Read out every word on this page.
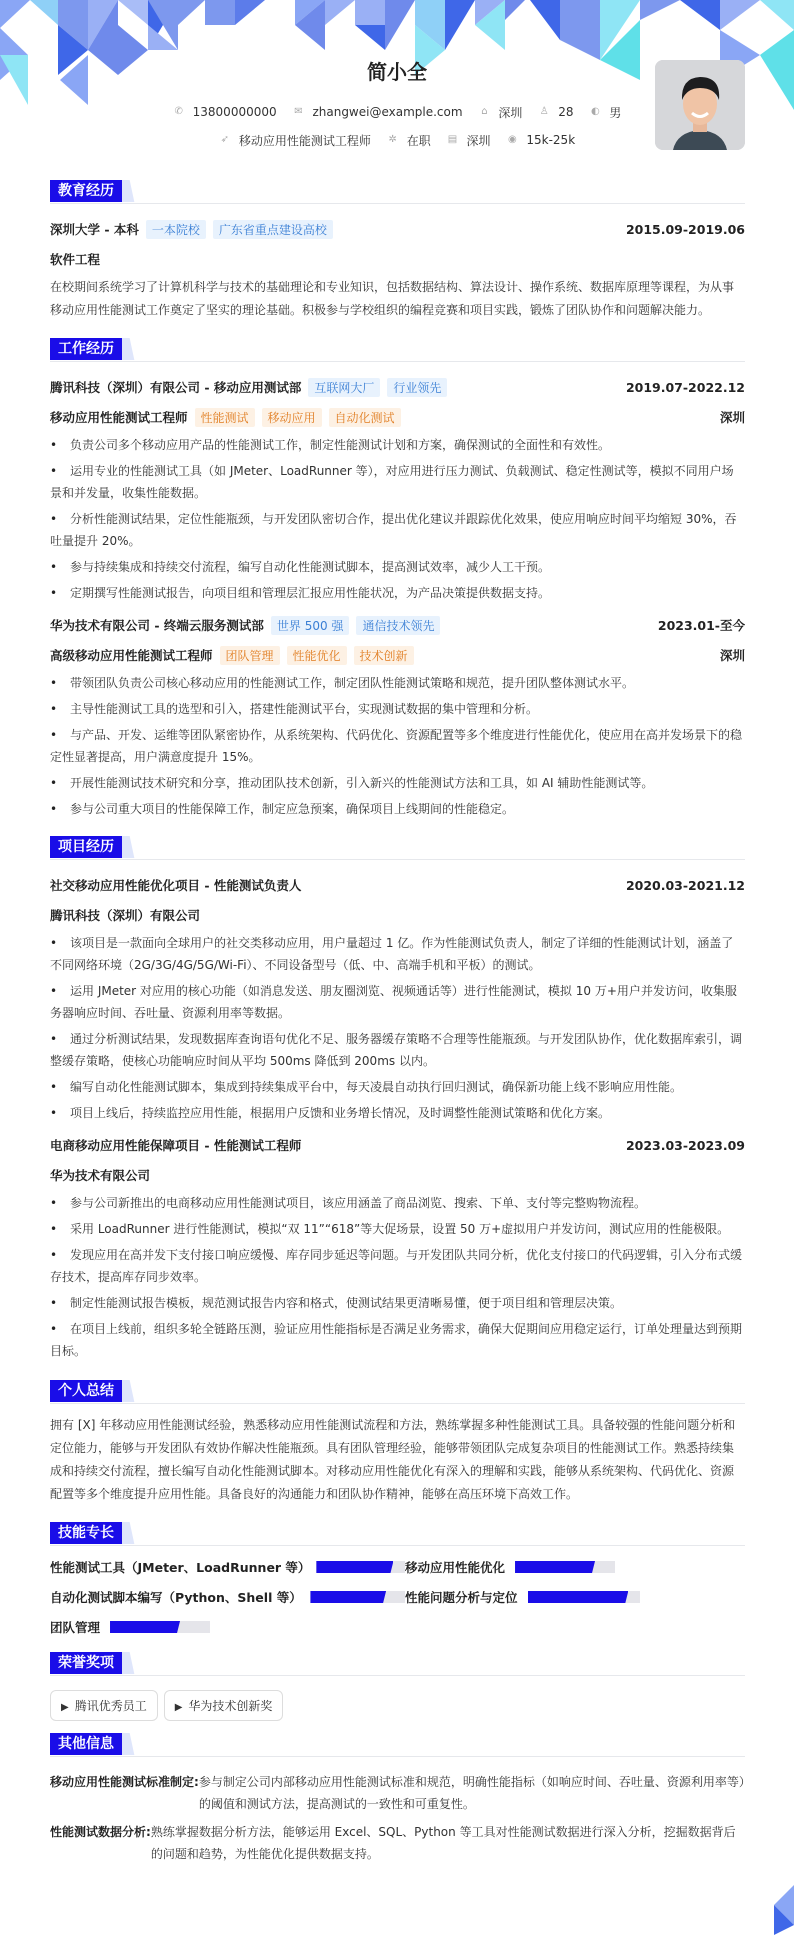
简小全
✆ 13800000000
✉ zhangwei@example.com
⌂ 深圳
♙ 28
◐ 男
➶ 移动应用性能测试工程师
✲ 在职
▤ 深圳
◉ 15k-25k
教育经历
深圳大学 - 本科	一本院校	广东省重点建设高校	2015.09-2019.06
软件工程

在校期间系统学习了计算机科学与技术的基础理论和专业知识，包括数据结构、算法设计、操作系统、数据库原理等课程，为从事移动应用性能测试工作奠定了坚实的理论基础。积极参与学校组织的编程竞赛和项目实践，锻炼了团队协作和问题解决能力。

工作经历
腾讯科技（深圳）有限公司 - 移动应用测试部	互联网大厂	行业领先	2019.07-2022.12
移动应用性能测试工程师	性能测试	移动应用	自动化测试	深圳
• 负责公司多个移动应用产品的性能测试工作，制定性能测试计划和方案，确保测试的全面性和有效性。
• 运用专业的性能测试工具（如 JMeter、LoadRunner 等），对应用进行压力测试、负载测试、稳定性测试等，模拟不同用户场景和并发量，收集性能数据。
• 分析性能测试结果，定位性能瓶颈，与开发团队密切合作，提出优化建议并跟踪优化效果，使应用响应时间平均缩短 30%，吞吐量提升 20%。
• 参与持续集成和持续交付流程，编写自动化性能测试脚本，提高测试效率，减少人工干预。
• 定期撰写性能测试报告，向项目组和管理层汇报应用性能状况，为产品决策提供数据支持。
华为技术有限公司 - 终端云服务测试部	世界 500 强	通信技术领先	2023.01-至今
高级移动应用性能测试工程师	团队管理	性能优化	技术创新	深圳
• 带领团队负责公司核心移动应用的性能测试工作，制定团队性能测试策略和规范，提升团队整体测试水平。
• 主导性能测试工具的选型和引入，搭建性能测试平台，实现测试数据的集中管理和分析。
• 与产品、开发、运维等团队紧密协作，从系统架构、代码优化、资源配置等多个维度进行性能优化，使应用在高并发场景下的稳定性显著提高，用户满意度提升 15%。
• 开展性能测试技术研究和分享，推动团队技术创新，引入新兴的性能测试方法和工具，如 AI 辅助性能测试等。
• 参与公司重大项目的性能保障工作，制定应急预案，确保项目上线期间的性能稳定。
项目经历
社交移动应用性能优化项目 - 性能测试负责人	2020.03-2021.12
腾讯科技（深圳）有限公司
• 该项目是一款面向全球用户的社交类移动应用，用户量超过 1 亿。作为性能测试负责人，制定了详细的性能测试计划，涵盖了不同网络环境（2G/3G/4G/5G/Wi-Fi）、不同设备型号（低、中、高端手机和平板）的测试。
• 运用 JMeter 对应用的核心功能（如消息发送、朋友圈浏览、视频通话等）进行性能测试，模拟 10 万+用户并发访问，收集服务器响应时间、吞吐量、资源利用率等数据。
• 通过分析测试结果，发现数据库查询语句优化不足、服务器缓存策略不合理等性能瓶颈。与开发团队协作，优化数据库索引，调整缓存策略，使核心功能响应时间从平均 500ms 降低到 200ms 以内。
• 编写自动化性能测试脚本，集成到持续集成平台中，每天凌晨自动执行回归测试，确保新功能上线不影响应用性能。
• 项目上线后，持续监控应用性能，根据用户反馈和业务增长情况，及时调整性能测试策略和优化方案。
电商移动应用性能保障项目 - 性能测试工程师	2023.03-2023.09
华为技术有限公司
• 参与公司新推出的电商移动应用性能测试项目，该应用涵盖了商品浏览、搜索、下单、支付等完整购物流程。
• 采用 LoadRunner 进行性能测试，模拟“双 11”“618”等大促场景，设置 50 万+虚拟用户并发访问，测试应用的性能极限。
• 发现应用在高并发下支付接口响应缓慢、库存同步延迟等问题。与开发团队共同分析，优化支付接口的代码逻辑，引入分布式缓存技术，提高库存同步效率。
• 制定性能测试报告模板，规范测试报告内容和格式，使测试结果更清晰易懂，便于项目组和管理层决策。
• 在项目上线前，组织多轮全链路压测，验证应用性能指标是否满足业务需求，确保大促期间应用稳定运行，订单处理量达到预期目标。
个人总结

拥有 [X] 年移动应用性能测试经验，熟悉移动应用性能测试流程和方法，熟练掌握多种性能测试工具。具备较强的性能问题分析和定位能力，能够与开发团队有效协作解决性能瓶颈。具有团队管理经验，能够带领团队完成复杂项目的性能测试工作。熟悉持续集成和持续交付流程，擅长编写自动化性能测试脚本。对移动应用性能优化有深入的理解和实践，能够从系统架构、代码优化、资源配置等多个维度提升应用性能。具备良好的沟通能力和团队协作精神，能够在高压环境下高效工作。

技能专长
性能测试工具（JMeter、LoadRunner 等）	移动应用性能优化
自动化测试脚本编写（Python、Shell 等）	性能问题分析与定位
团队管理
荣誉奖项
▶ 腾讯优秀员工	▶ 华为技术创新奖
其他信息
移动应用性能测试标准制定: 参与制定公司内部移动应用性能测试标准和规范，明确性能指标（如响应时间、吞吐量、资源利用率等）的阈值和测试方法，提高测试的一致性和可重复性。
性能测试数据分析: 熟练掌握数据分析方法，能够运用 Excel、SQL、Python 等工具对性能测试数据进行深入分析，挖掘数据背后的问题和趋势，为性能优化提供数据支持。
